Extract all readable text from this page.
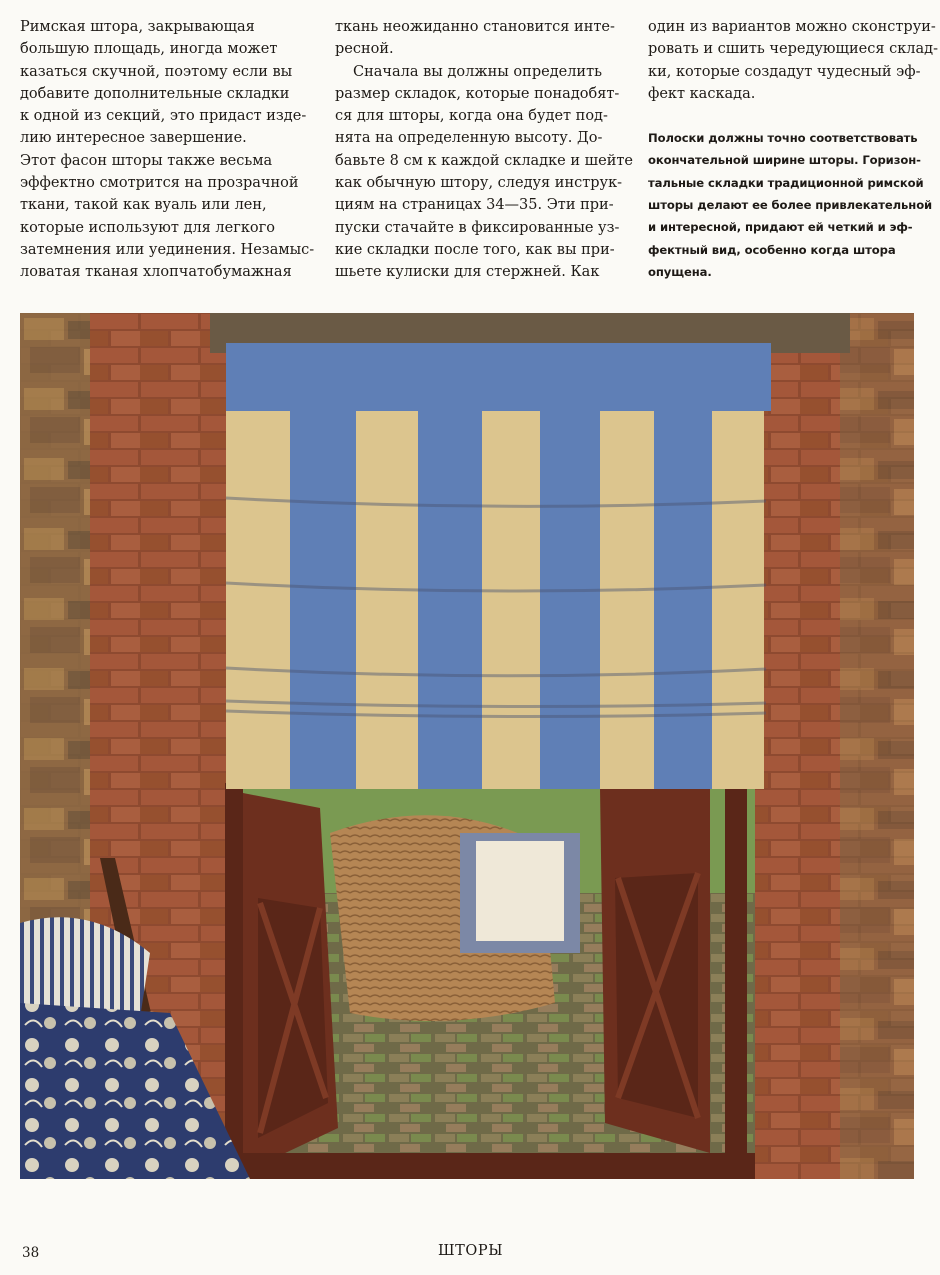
Римская штора, закрывающая
большую площадь, иногда может
казаться скучной, поэтому если вы
добавите дополнительные складки
к одной из секций, это придаст изде-
лию интересное завершение.
Этот фасон шторы также весьма
эффектно смотрится на прозрачной
ткани, такой как вуаль или лен,
которые используют для легкого
затемнения или уединения. Незамыс-
ловатая тканая хлопчатобумажная

ткань неожиданно становится инте-
ресной.

Сначала вы должны определить
размер складок, которые понадобят-
ся для шторы, когда она будет под-
нята на определенную высоту. До-
бавьте 8 см к каждой складке и шейте
как обычную штору, следуя инструк-
циям на страницах 34—35. Эти при-
пуски стачайте в фиксированные уз-
кие складки после того, как вы при-
шьете кулиски для стержней. Как

один из вариантов можно сконструи-
ровать и сшить чередующиеся склад-
ки, которые создадут чудесный эф-
фект каскада.

Полоски должны точно соответствовать
окончательной ширине шторы. Горизон-
тальные складки традиционной римской
шторы делают ее более привлекательной
и интересной, придают ей четкий и эф-
фектный вид, особенно когда штора
опущена.

38	ШТОРЫ
